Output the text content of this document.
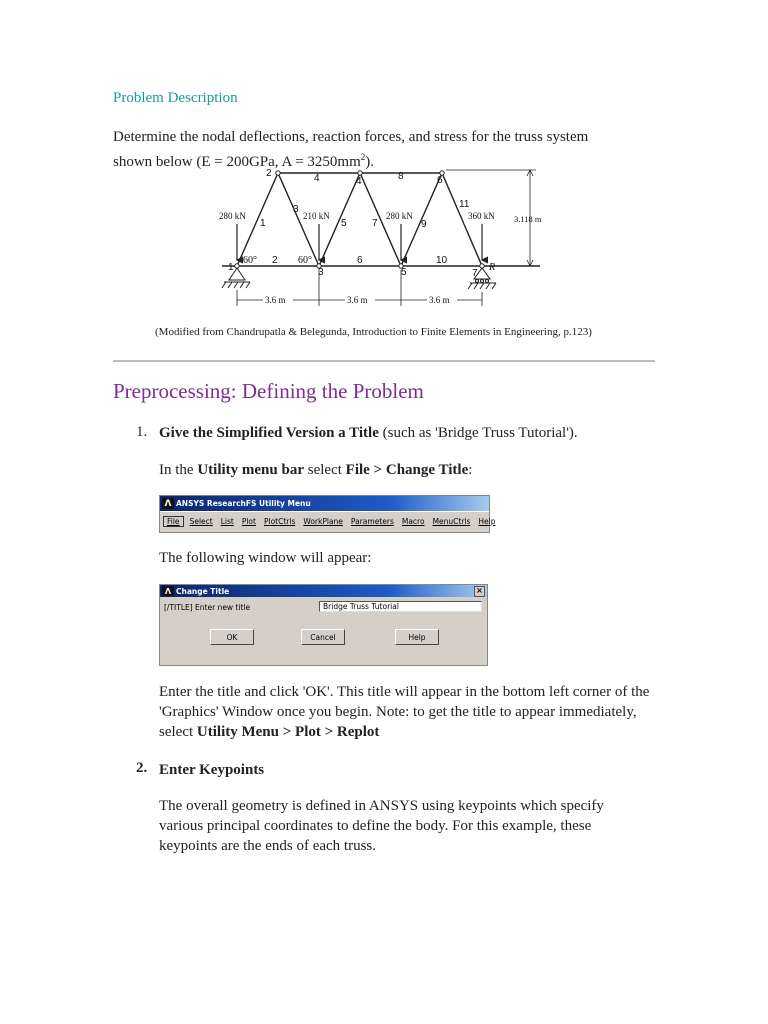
Problem Description
Determine the nodal deflections, reaction forces, and stress for the truss system
shown below (E = 200GPa, $A = 3250mm^2$).
1
2
3
4
5
6
7
1
2
3
4
5
6
7
8
9
10
11
280 kN	210 kN	280 kN	360 kN
60°	60°
3.118 m
R
3.6 m	3.6 m	3.6 m
(Modified from Chandrupatla & Belegunda, Introduction to Finite Elements in Engineering, p.123)
Preprocessing: Defining the Problem
1. Give the Simplified Version a Title (such as 'Bridge Truss Tutorial').
In the Utility menu bar select File > Change Title:
Λ ANSYS ResearchFS Utility Menu
File	Select	List	Plot	PlotCtrls	WorkPlane	Parameters	Macro	MenuCtrls	Help
The following window will appear:
Λ Change Title	×
[/TITLE] Enter new title
Bridge Truss Tutorial
OK	Cancel	Help
Enter the title and click 'OK'. This title will appear in the bottom left corner of the 'Graphics' Window once you begin. Note: to get the title to appear immediately, select Utility Menu > Plot > Replot
2. Enter Keypoints
The overall geometry is defined in ANSYS using keypoints which specify various principal coordinates to define the body. For this example, these keypoints are the ends of each truss.
